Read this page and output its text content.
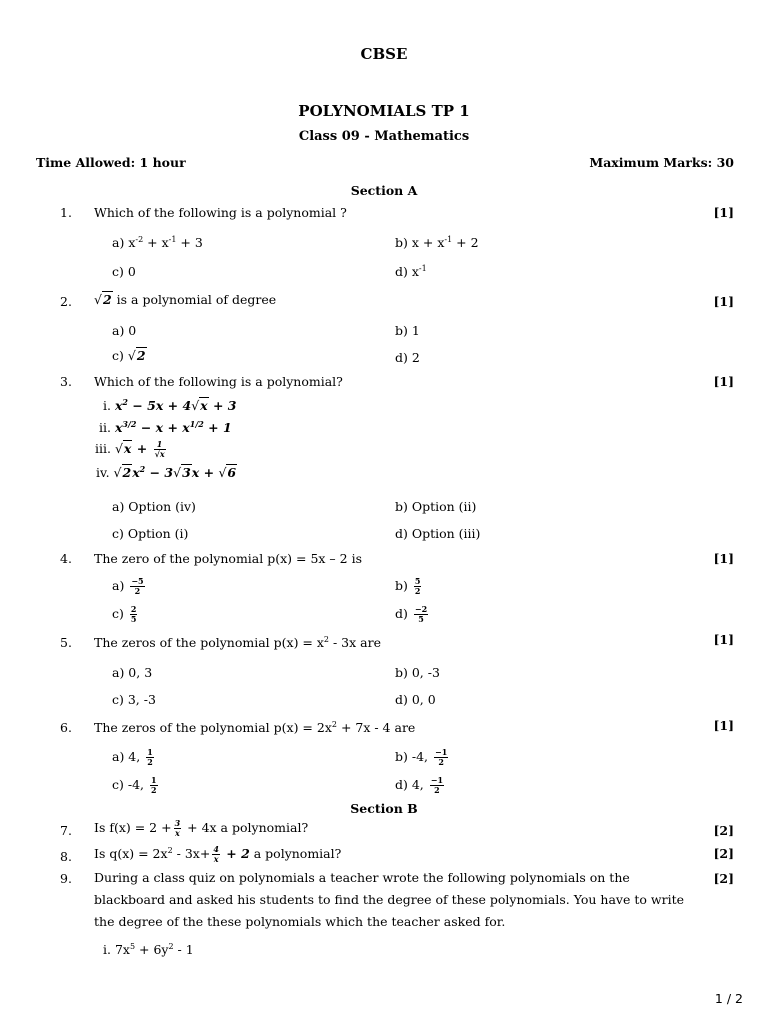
CBSE
POLYNOMIALS TP 1
Class 09 - Mathematics
Time Allowed: 1 hour	Maximum Marks: 30
Section A
1. Which of the following is a polynomial ?	[1]
a) $x^{-2} + x^{-1} + 3$	b) $x + x^{-1} + 2$
c) 0	d) $x^{-1}$
2. √2 is a polynomial of degree	[1]
a) 0	b) 1
c) √2	d) 2
3. Which of the following is a polynomial?	[1]
i. $x^2 - 5x + 4√x + 3$
ii. $x^{3/2} - x + x^{1/2} + 1$
iii. $√x + \frac{1}{√x}$
iv. $√2x^2 - 3√3x + √6$
a) Option (iv)	b) Option (ii)
c) Option (i)	d) Option (iii)
4. The zero of the polynomial p(x) = 5x – 2 is	[1]
$a) \frac{-5}{2}$	$b) \frac{5}{2}$
$c) \frac{2}{5}$	$d) \frac{-2}{5}$
5. The zeros of the polynomial $p(x) = x^2 - 3x$ are	[1]
a) 0, 3	b) 0, -3
c) 3, -3	d) 0, 0
6. The zeros of the polynomial $p(x) = 2x^2 + 7x - 4$ are	[1]
a) 4, $\frac{1}{2}$	b) -4, $\frac{-1}{2}$
c) -4, $\frac{1}{2}$	d) 4, $\frac{-1}{2}$
Section B
7. Is $f(x) = 2 + \frac{3}{x} + 4x$ a polynomial?	[2]
8. Is $q(x) = 2x^2 - 3x+ \frac{4}{x} + 2$ a polynomial?	[2]
9. During a class quiz on polynomials a teacher wrote the following polynomials on the blackboard and asked his students to find the degree of these polynomials. You have to write the degree of the these polynomials which the teacher asked for.
[2]
i. $7x^5 + 6y^2 - 1$
1 / 2
